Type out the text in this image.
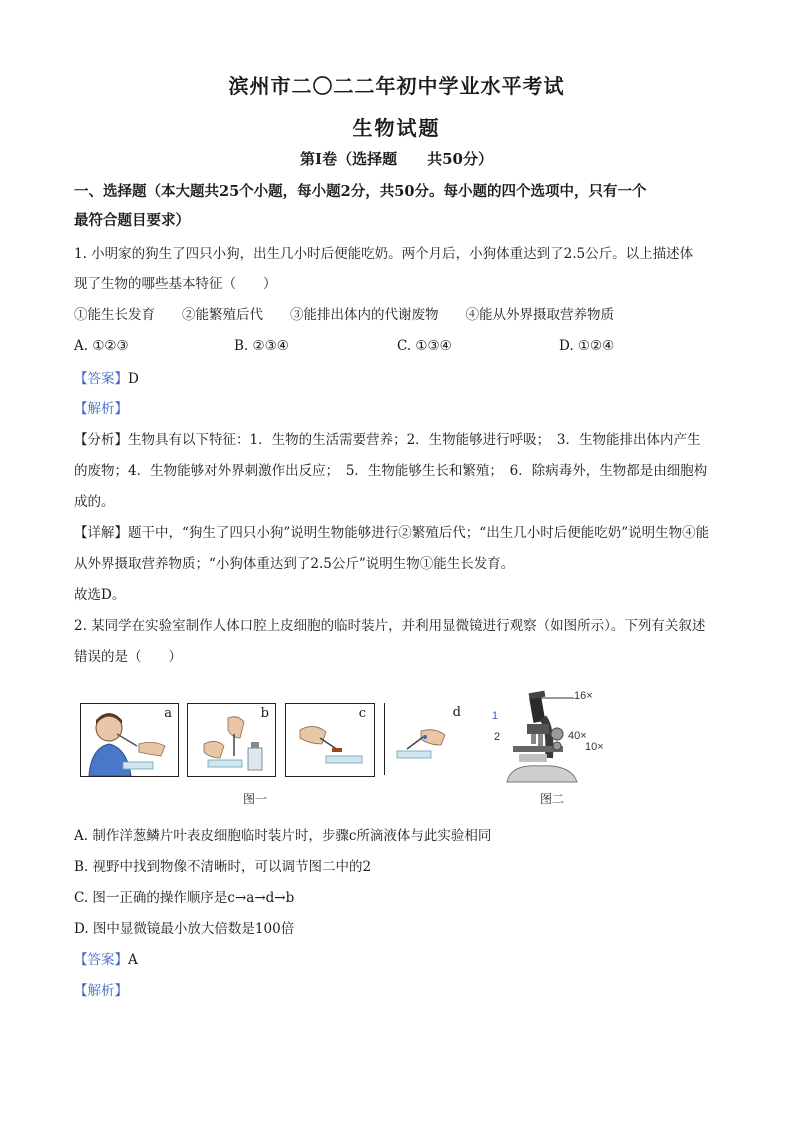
滨州市二〇二二年初中学业水平考试
生物试题
第Ⅰ卷（选择题　　共50分）
一、选择题（本大题共25个小题，每小题2分，共50分。每小题的四个选项中，只有一个
最符合题目要求）
1. 小明家的狗生了四只小狗，出生几小时后便能吃奶。两个月后，小狗体重达到了2.5公斤。以上描述体
现了生物的哪些基本特征（　　）
①能生长发育　　②能繁殖后代　　③能排出体内的代谢废物　　④能从外界摄取营养物质
A. ①②③	B. ②③④	C. ①③④	D. ①②④
【答案】D
【解析】
【分析】生物具有以下特征：1．生物的生活需要营养；2．生物能够进行呼吸；　3．生物能排出体内产生
的废物；4．生物能够对外界刺激作出反应；　5．生物能够生长和繁殖；　6．除病毒外，生物都是由细胞构
成的。
【详解】题干中，“狗生了四只小狗”说明生物能够进行②繁殖后代；“出生几小时后便能吃奶”说明生物④能
从外界摄取营养物质；“小狗体重达到了2.5公斤”说明生物①能生长发育。
故选D。
2. 某同学在实验室制作人体口腔上皮细胞的临时装片，并利用显微镜进行观察（如图所示）。下列有关叙述
错误的是（　　）
a	b	c	d
图一
16×
1
2	40×
10×
图二
A. 制作洋葱鳞片叶表皮细胞临时装片时，步骤c所滴液体与此实验相同
B. 视野中找到物像不清晰时，可以调节图二中的2
C. 图一正确的操作顺序是c→a→d→b
D. 图中显微镜最小放大倍数是100倍
【答案】A
【解析】
